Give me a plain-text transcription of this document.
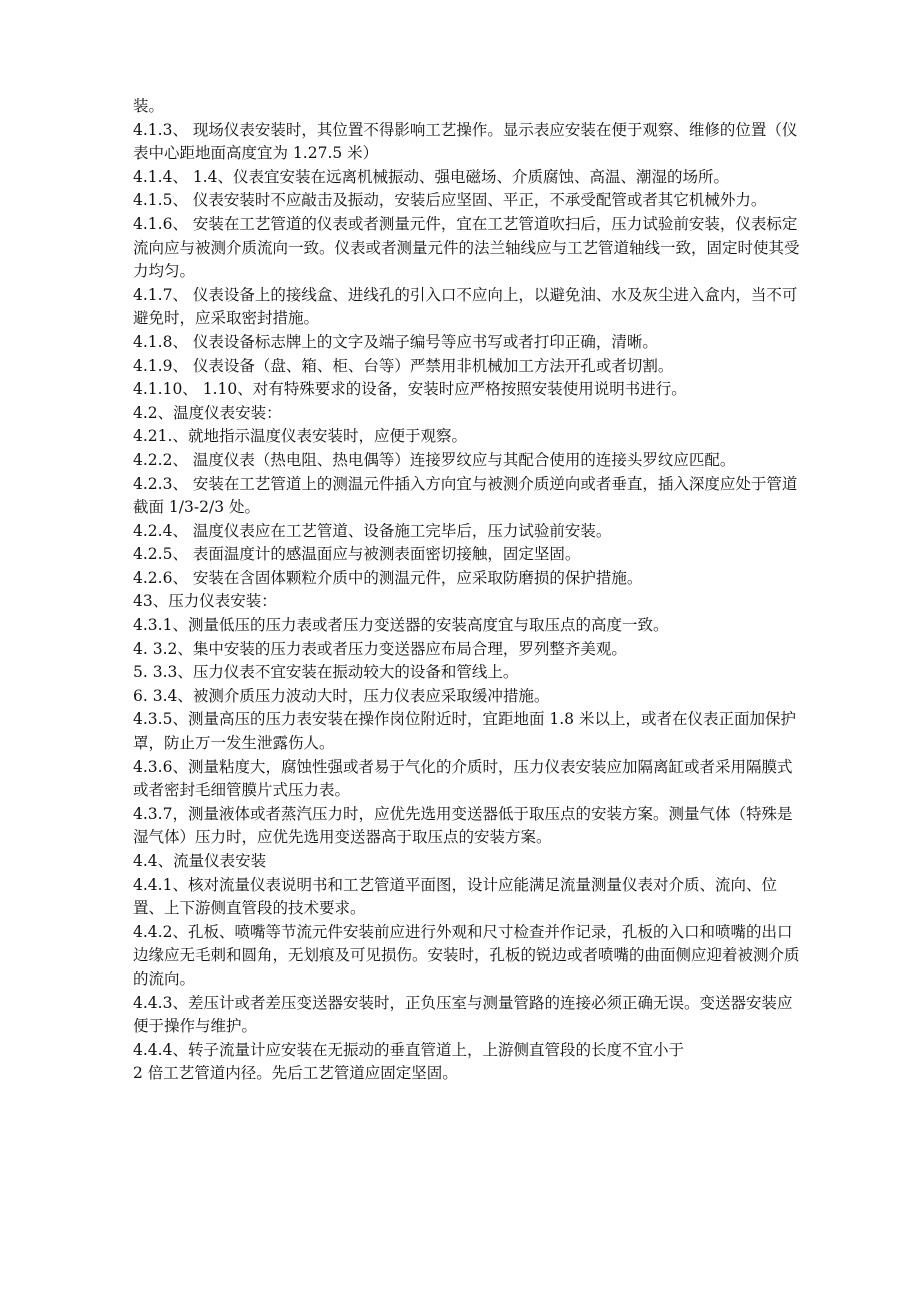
装。

4.1.3、 现场仪表安装时，其位置不得影响工艺操作。显示表应安装在便于观察、维修的位置（仪表中心距地面高度宜为 1.27.5 米）

4.1.4、 1.4、仪表宜安装在远离机械振动、强电磁场、介质腐蚀、高温、潮湿的场所。

4.1.5、 仪表安装时不应敲击及振动，安装后应坚固、平正，不承受配管或者其它机械外力。

4.1.6、 安装在工艺管道的仪表或者测量元件，宜在工艺管道吹扫后，压力试验前安装，仪表标定流向应与被测介质流向一致。仪表或者测量元件的法兰轴线应与工艺管道轴线一致，固定时使其受力均匀。

4.1.7、 仪表设备上的接线盒、进线孔的引入口不应向上，以避免油、水及灰尘进入盒内，当不可避免时，应采取密封措施。

4.1.8、 仪表设备标志牌上的文字及端子编号等应书写或者打印正确，清晰。

4.1.9、 仪表设备（盘、箱、柜、台等）严禁用非机械加工方法开孔或者切割。

4.1.10、 1.10、对有特殊要求的设备，安装时应严格按照安装使用说明书进行。

4.2、温度仪表安装：

4.21.、就地指示温度仪表安装时，应便于观察。

4.2.2、 温度仪表（热电阻、热电偶等）连接罗纹应与其配合使用的连接头罗纹应匹配。

4.2.3、 安装在工艺管道上的测温元件插入方向宜与被测介质逆向或者垂直，插入深度应处于管道截面 1/3-2/3 处。

4.2.4、 温度仪表应在工艺管道、设备施工完毕后，压力试验前安装。

4.2.5、 表面温度计的感温面应与被测表面密切接触，固定坚固。

4.2.6、 安装在含固体颗粒介质中的测温元件，应采取防磨损的保护措施。

43、压力仪表安装：

4.3.1、测量低压的压力表或者压力变送器的安装高度宜与取压点的高度一致。

4. 3.2、集中安装的压力表或者压力变送器应布局合理，罗列整齐美观。

5. 3.3、压力仪表不宜安装在振动较大的设备和管线上。

6. 3.4、被测介质压力波动大时，压力仪表应采取缓冲措施。

4.3.5、测量高压的压力表安装在操作岗位附近时，宜距地面 1.8 米以上，或者在仪表正面加保护罩，防止万一发生泄露伤人。

4.3.6、测量粘度大，腐蚀性强或者易于气化的介质时，压力仪表安装应加隔离缸或者采用隔膜式或者密封毛细管膜片式压力表。

4.3.7，测量液体或者蒸汽压力时，应优先选用变送器低于取压点的安装方案。测量气体（特殊是湿气体）压力时，应优先选用变送器高于取压点的安装方案。

4.4、流量仪表安装

4.4.1、核对流量仪表说明书和工艺管道平面图，设计应能满足流量测量仪表对介质、流向、位置、上下游侧直管段的技术要求。

4.4.2、孔板、喷嘴等节流元件安装前应进行外观和尺寸检查并作记录，孔板的入口和喷嘴的出口边缘应无毛刺和圆角，无划痕及可见损伤。安装时，孔板的锐边或者喷嘴的曲面侧应迎着被测介质的流向。

4.4.3、差压计或者差压变送器安装时，正负压室与测量管路的连接必须正确无误。变送器安装应便于操作与维护。

4.4.4、转子流量计应安装在无振动的垂直管道上，上游侧直管段的长度不宜小于

2 倍工艺管道内径。先后工艺管道应固定坚固。
